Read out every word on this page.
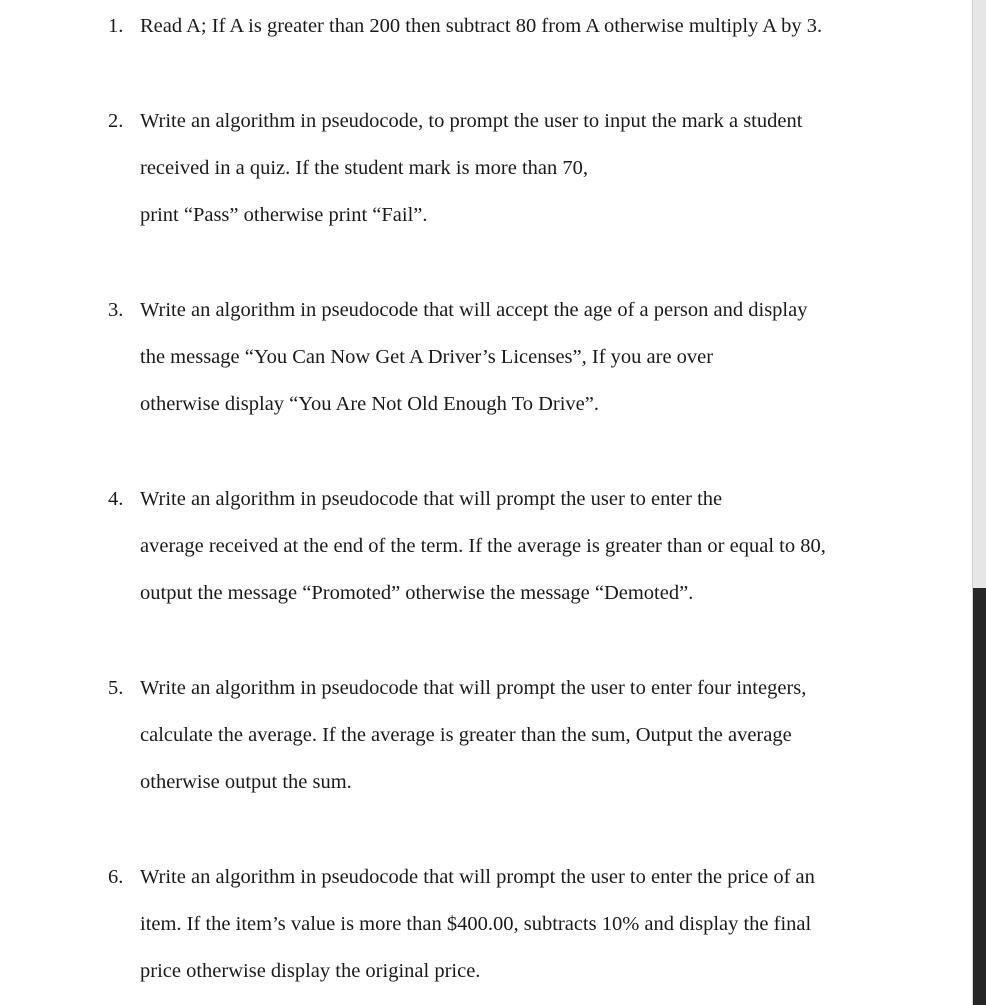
1. Read A; If A is greater than 200 then subtract 80 from A otherwise multiply A by 3.
2. Write an algorithm in pseudocode, to prompt the user to input the mark a student
received in a quiz. If the student mark is more than 70,
print “Pass” otherwise print “Fail”.
3. Write an algorithm in pseudocode that will accept the age of a person and display
the message “You Can Now Get A Driver’s Licenses”, If you are over
otherwise display “You Are Not Old Enough To Drive”.
4. Write an algorithm in pseudocode that will prompt the user to enter the
average received at the end of the term. If the average is greater than or equal to 80,
output the message “Promoted” otherwise the message “Demoted”.
5. Write an algorithm in pseudocode that will prompt the user to enter four integers,
calculate the average. If the average is greater than the sum, Output the average
otherwise output the sum.
6. Write an algorithm in pseudocode that will prompt the user to enter the price of an
item. If the item’s value is more than $400.00, subtracts 10% and display the final
price otherwise display the original price.
